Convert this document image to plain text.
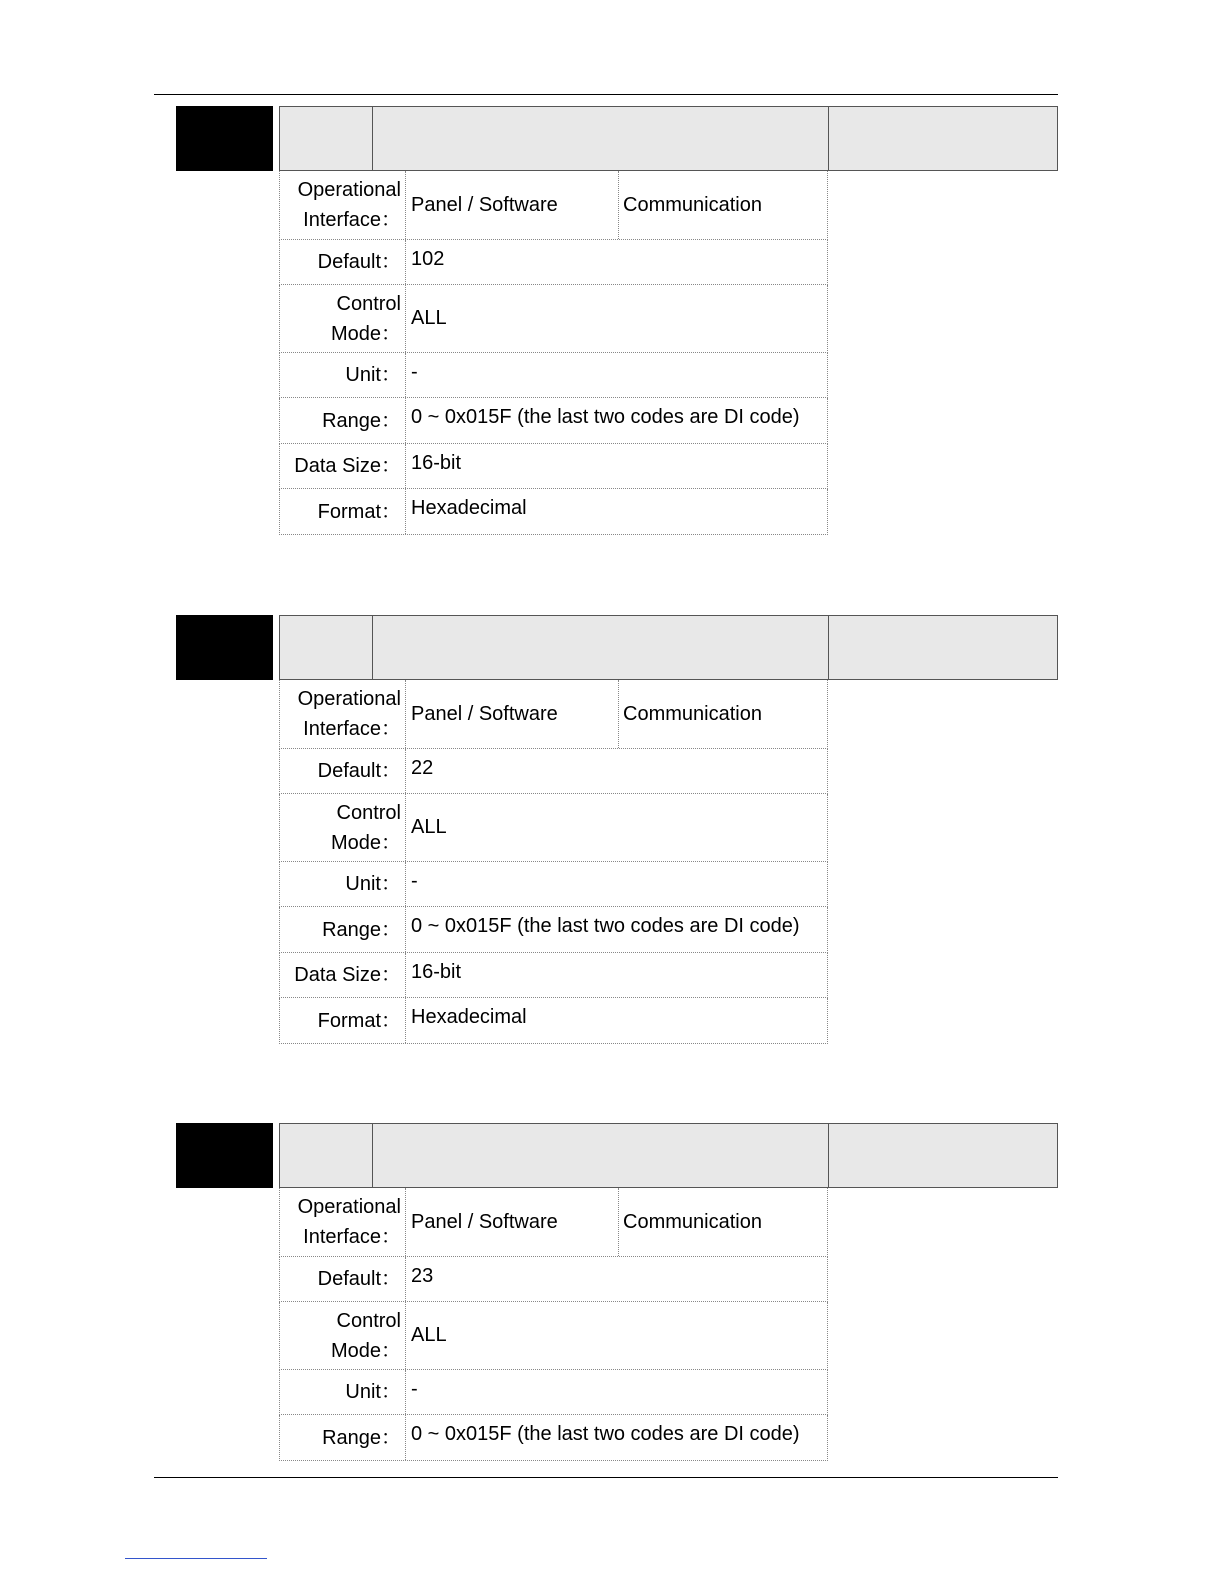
Operational
Interface：
Panel / Software	Communication
Default： 102
Control
Mode：
ALL
Unit： -
Range： 0 ~ 0x015F (the last two codes are DI code)
Data Size： 16-bit
Format： Hexadecimal
Operational
Interface：
Panel / Software	Communication
Default： 22
Control
Mode：
ALL
Unit： -
Range： 0 ~ 0x015F (the last two codes are DI code)
Data Size： 16-bit
Format： Hexadecimal
Operational
Interface：
Panel / Software	Communication
Default： 23
Control
Mode：
ALL
Unit： -
Range： 0 ~ 0x015F (the last two codes are DI code)
